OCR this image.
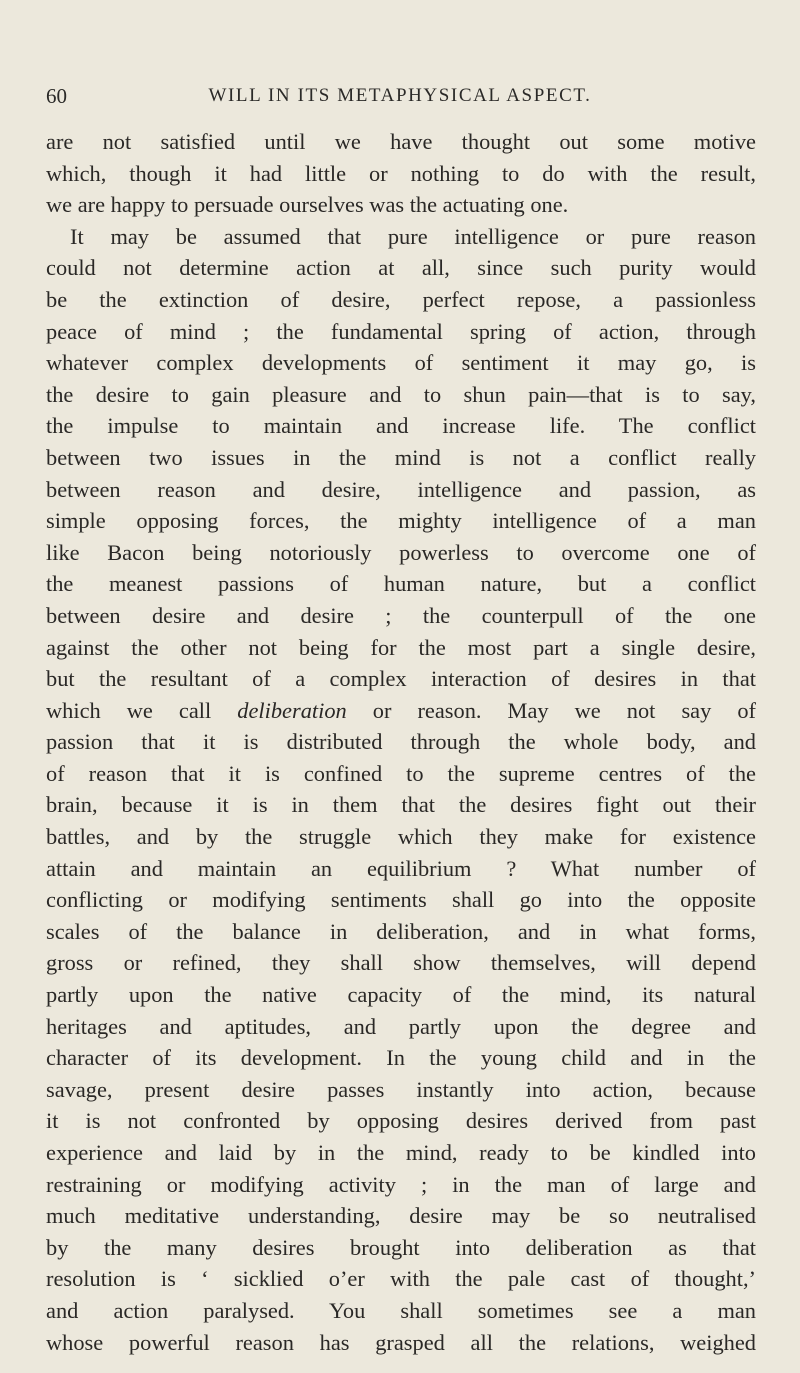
60	WILL IN ITS METAPHYSICAL ASPECT.
are not satisfied until we have thought out some motive
which, though it had little or nothing to do with the result,
we are happy to persuade ourselves was the actuating one.
It may be assumed that pure intelligence or pure reason
could not determine action at all, since such purity would
be the extinction of desire, perfect repose, a passionless
peace of mind ; the fundamental spring of action, through
whatever complex developments of sentiment it may go, is
the desire to gain pleasure and to shun pain—that is to say,
the impulse to maintain and increase life. The conflict
between two issues in the mind is not a conflict really
between reason and desire, intelligence and passion, as
simple opposing forces, the mighty intelligence of a man
like Bacon being notoriously powerless to overcome one of
the meanest passions of human nature, but a conflict
between desire and desire ; the counterpull of the one
against the other not being for the most part a single desire,
but the resultant of a complex interaction of desires in that
which we call deliberation or reason. May we not say of
passion that it is distributed through the whole body, and
of reason that it is confined to the supreme centres of the
brain, because it is in them that the desires fight out their
battles, and by the struggle which they make for existence
attain and maintain an equilibrium ? What number of
conflicting or modifying sentiments shall go into the opposite
scales of the balance in deliberation, and in what forms,
gross or refined, they shall show themselves, will depend
partly upon the native capacity of the mind, its natural
heritages and aptitudes, and partly upon the degree and
character of its development. In the young child and in the
savage, present desire passes instantly into action, because
it is not confronted by opposing desires derived from past
experience and laid by in the mind, ready to be kindled into
restraining or modifying activity ; in the man of large and
much meditative understanding, desire may be so neutralised
by the many desires brought into deliberation as that
resolution is ‘ sicklied o’er with the pale cast of thought,’
and action paralysed. You shall sometimes see a man
whose powerful reason has grasped all the relations, weighed
